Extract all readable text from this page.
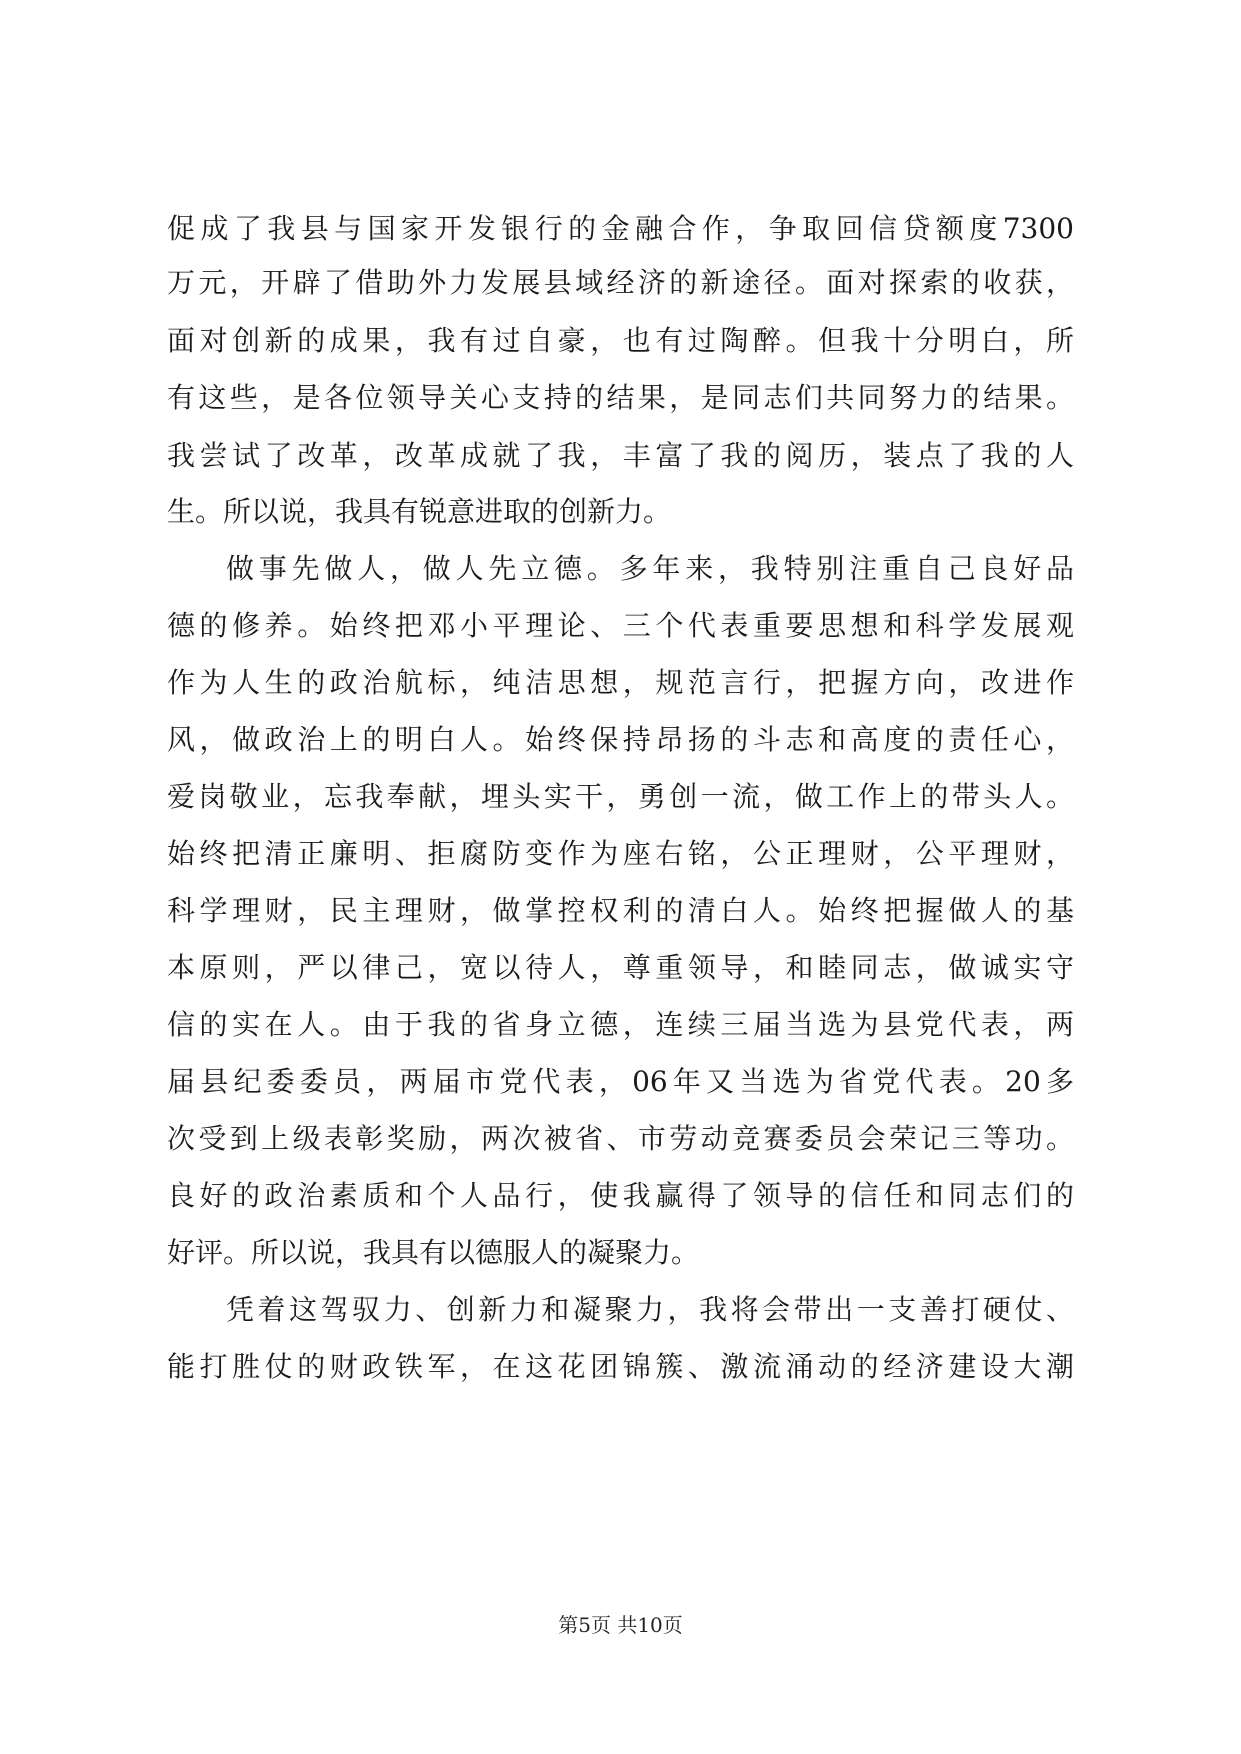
促成了我县与国家开发银行的金融合作，争取回信贷额度7300
万元，开辟了借助外力发展县域经济的新途径。面对探索的收获，
面对创新的成果，我有过自豪，也有过陶醉。但我十分明白，所
有这些，是各位领导关心支持的结果，是同志们共同努力的结果。
我尝试了改革，改革成就了我，丰富了我的阅历，装点了我的人
生。所以说，我具有锐意进取的创新力。
做事先做人，做人先立德。多年来，我特别注重自己良好品
德的修养。始终把邓小平理论、三个代表重要思想和科学发展观
作为人生的政治航标，纯洁思想，规范言行，把握方向，改进作
风，做政治上的明白人。始终保持昂扬的斗志和高度的责任心，
爱岗敬业，忘我奉献，埋头实干，勇创一流，做工作上的带头人。
始终把清正廉明、拒腐防变作为座右铭，公正理财，公平理财，
科学理财，民主理财，做掌控权利的清白人。始终把握做人的基
本原则，严以律己，宽以待人，尊重领导，和睦同志，做诚实守
信的实在人。由于我的省身立德，连续三届当选为县党代表，两
届县纪委委员，两届市党代表，06年又当选为省党代表。20多
次受到上级表彰奖励，两次被省、市劳动竞赛委员会荣记三等功。
良好的政治素质和个人品行，使我赢得了领导的信任和同志们的
好评。所以说，我具有以德服人的凝聚力。
凭着这驾驭力、创新力和凝聚力，我将会带出一支善打硬仗、
能打胜仗的财政铁军，在这花团锦簇、激流涌动的经济建设大潮
第5页 共10页
